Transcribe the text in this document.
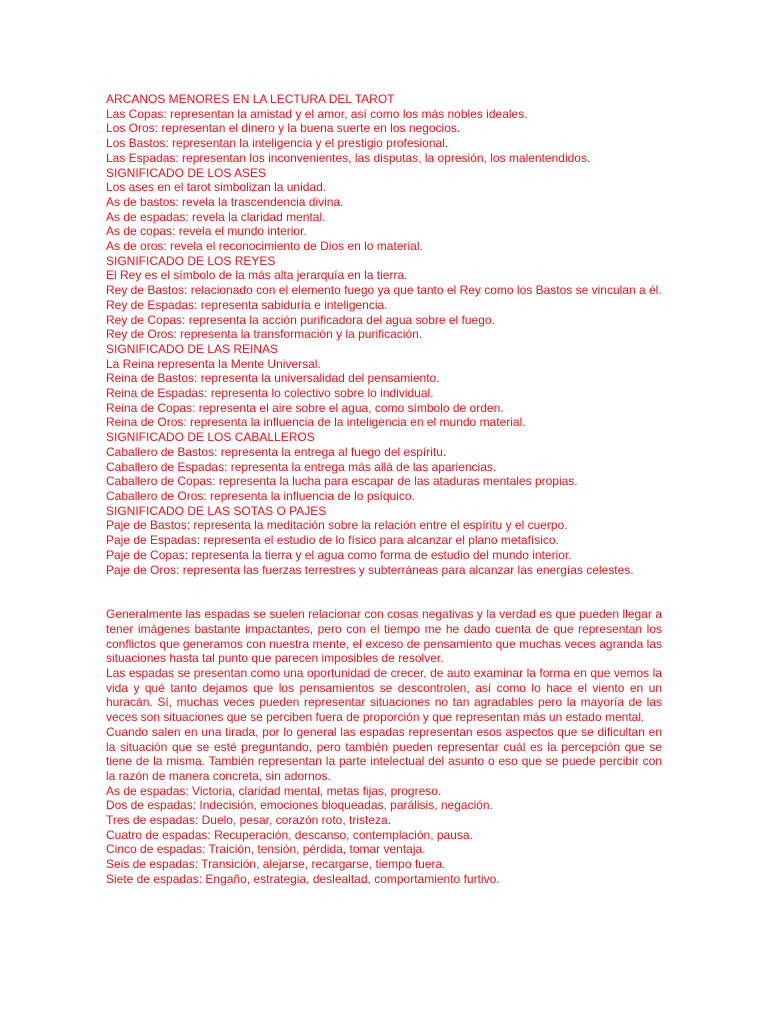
ARCANOS MENORES EN LA LECTURA DEL TAROT
Las Copas: representan la amistad y el amor, así como los más nobles ideales.
Los Oros: representan el dinero y la buena suerte en los negocios.
Los Bastos: representan la inteligencia y el prestigio profesional.
Las Espadas: representan los inconvenientes, las disputas, la opresión, los malentendidos.
SIGNIFICADO DE LOS ASES
Los ases en el tarot simbolizan la unidad.
As de bastos: revela la trascendencia divina.
As de espadas: revela la claridad mental.
As de copas: revela el mundo interior.
As de oros: revela el reconocimiento de Dios en lo material.
SIGNIFICADO DE LOS REYES
El Rey es el símbolo de la más alta jerarquía en la tierra.
Rey de Bastos: relacionado con el elemento fuego ya que tanto el Rey como los Bastos se vinculan a él.
Rey de Espadas: representa sabiduría e inteligencia.
Rey de Copas: representa la acción purificadora del agua sobre el fuego.
Rey de Oros: representa la transformación y la purificación.
SIGNIFICADO DE LAS REINAS
La Reina representa la Mente Universal.
Reina de Bastos: representa la universalidad del pensamiento.
Reina de Espadas: representa lo colectivo sobre lo individual.
Reina de Copas: representa el aire sobre el agua, como símbolo de orden.
Reina de Oros: representa la influencia de la inteligencia en el mundo material.
SIGNIFICADO DE LOS CABALLEROS
Caballero de Bastos: representa la entrega al fuego del espíritu.
Caballero de Espadas: representa la entrega más allá de las apariencias.
Caballero de Copas: representa la lucha para escapar de las ataduras mentales propias.
Caballero de Oros: representa la influencia de lo psíquico.
SIGNIFICADO DE LAS SOTAS O PAJES
Paje de Bastos: representa la meditación sobre la relación entre el espíritu y el cuerpo.
Paje de Espadas: representa el estudio de lo físico para alcanzar el plano metafísico.
Paje de Copas: representa la tierra y el agua como forma de estudio del mundo interior.
Paje de Oros: representa las fuerzas terrestres y subterráneas para alcanzar las energías celestes.
Generalmente las espadas se suelen relacionar con cosas negativas y la verdad es que pueden llegar a tener imágenes bastante impactantes, pero con el tiempo me he dado cuenta de que representan los conflictos que generamos con nuestra mente, el exceso de pensamiento que muchas veces agranda las situaciones hasta tal punto que parecen imposibles de resolver.
Las espadas se presentan como una oportunidad de crecer, de auto examinar la forma en que vemos la vida y qué tanto dejamos que los pensamientos se descontrolen, así como lo hace el viento en un huracán. Sí, muchas veces pueden representar situaciones no tan agradables pero la mayoría de las veces son situaciones que se perciben fuera de proporción y que representan más un estado mental.
Cuando salen en una tirada, por lo general las espadas representan esos aspectos que se dificultan en la situación que se esté preguntando, pero también pueden representar cuál es la percepción que se tiene de la misma. También representan la parte intelectual del asunto o eso que se puede percibir con la razón de manera concreta, sin adornos.
As de espadas: Victoria, claridad mental, metas fijas, progreso.
Dos de espadas: Indecisión, emociones bloqueadas, parálisis, negación.
Tres de espadas: Duelo, pesar, corazón roto, tristeza.
Cuatro de espadas: Recuperación, descanso, contemplación, pausa.
Cinco de espadas: Traición, tensión, pérdida, tomar ventaja.
Seis de espadas: Transición, alejarse, recargarse, tiempo fuera.
Siete de espadas: Engaño, estrategia, deslealtad, comportamiento furtivo.
